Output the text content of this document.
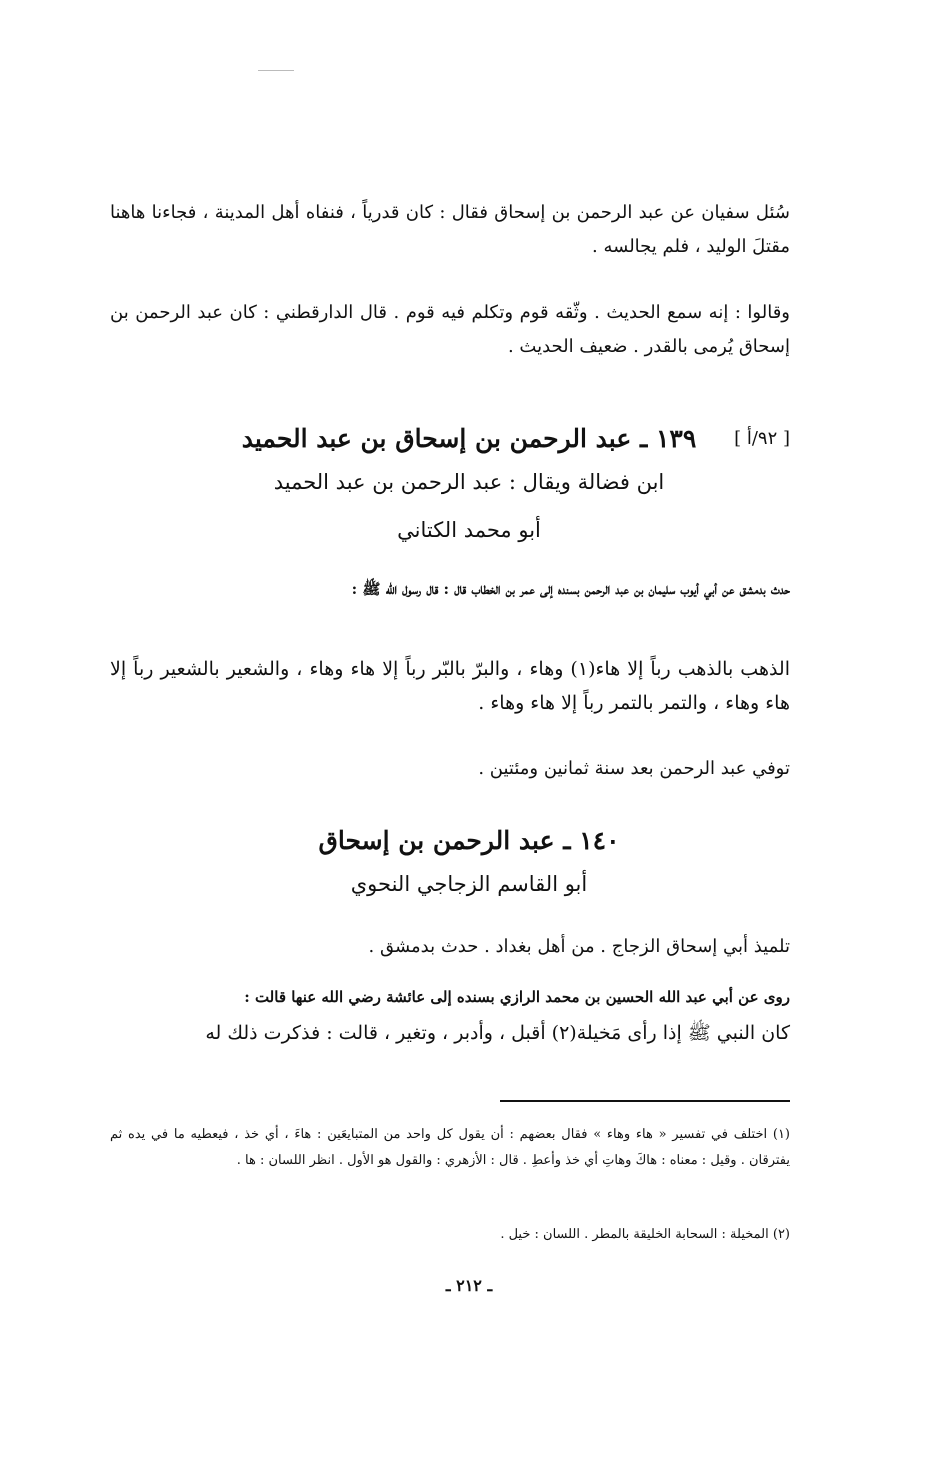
سُئل سفيان عن عبد الرحمن بن إسحاق فقال : كان قدرياً ، فنفاه أهل المدينة ، فجاءنا هاهنا مقتلَ الوليد ، فلم يجالسه .

وقالوا : إنه سمع الحديث . وثّقه قوم وتكلم فيه قوم . قال الدارقطني : كان عبد الرحمن بن إسحاق يُرمى بالقدر . ضعيف الحديث .

[ ٩٢/أ ]
١٣٩ ـ عبد الرحمن بن إسحاق بن عبد الحميد
ابن فضالة ويقال : عبد الرحمن بن عبد الحميد
أبو محمد الكتاني

حدث بدمشق عن أبي أيوب سليمان بن عبد الرحمن بسنده إلى عمر بن الخطاب قال : قال رسول الله ﷺ :

الذهب بالذهب رباً إلا هاء(١) وهاء ، والبرّ بالبّر رباً إلا هاء وهاء ، والشعير بالشعير رباً إلا هاء وهاء ، والتمر بالتمر رباً إلا هاء وهاء .

توفي عبد الرحمن بعد سنة ثمانين ومئتين .

١٤٠ ـ عبد الرحمن بن إسحاق
أبو القاسم الزجاجي النحوي

تلميذ أبي إسحاق الزجاج . من أهل بغداد . حدث بدمشق .

روى عن أبي عبد الله الحسين بن محمد الرازي بسنده إلى عائشة رضي الله عنها قالت :

كان النبي ﷺ إذا رأى مَخيلة(٢) أقبل ، وأدبر ، وتغير ، قالت : فذكرت ذلك له

(١) اختلف في تفسير « هاء وهاء » فقال بعضهم : أن يقول كل واحد من المتبايعَين : هاءَ ، أي خذ ، فيعطيه ما في يده ثم يفترقان . وقيل : معناه : هاكَ وهاتِ أي خذ وأعطِ . قال : الأزهري : والقول هو الأول . انظر اللسان : ها .

(٢) المخيلة : السحابة الخليقة بالمطر . اللسان : خيل .

ـ ٢١٢ ـ
